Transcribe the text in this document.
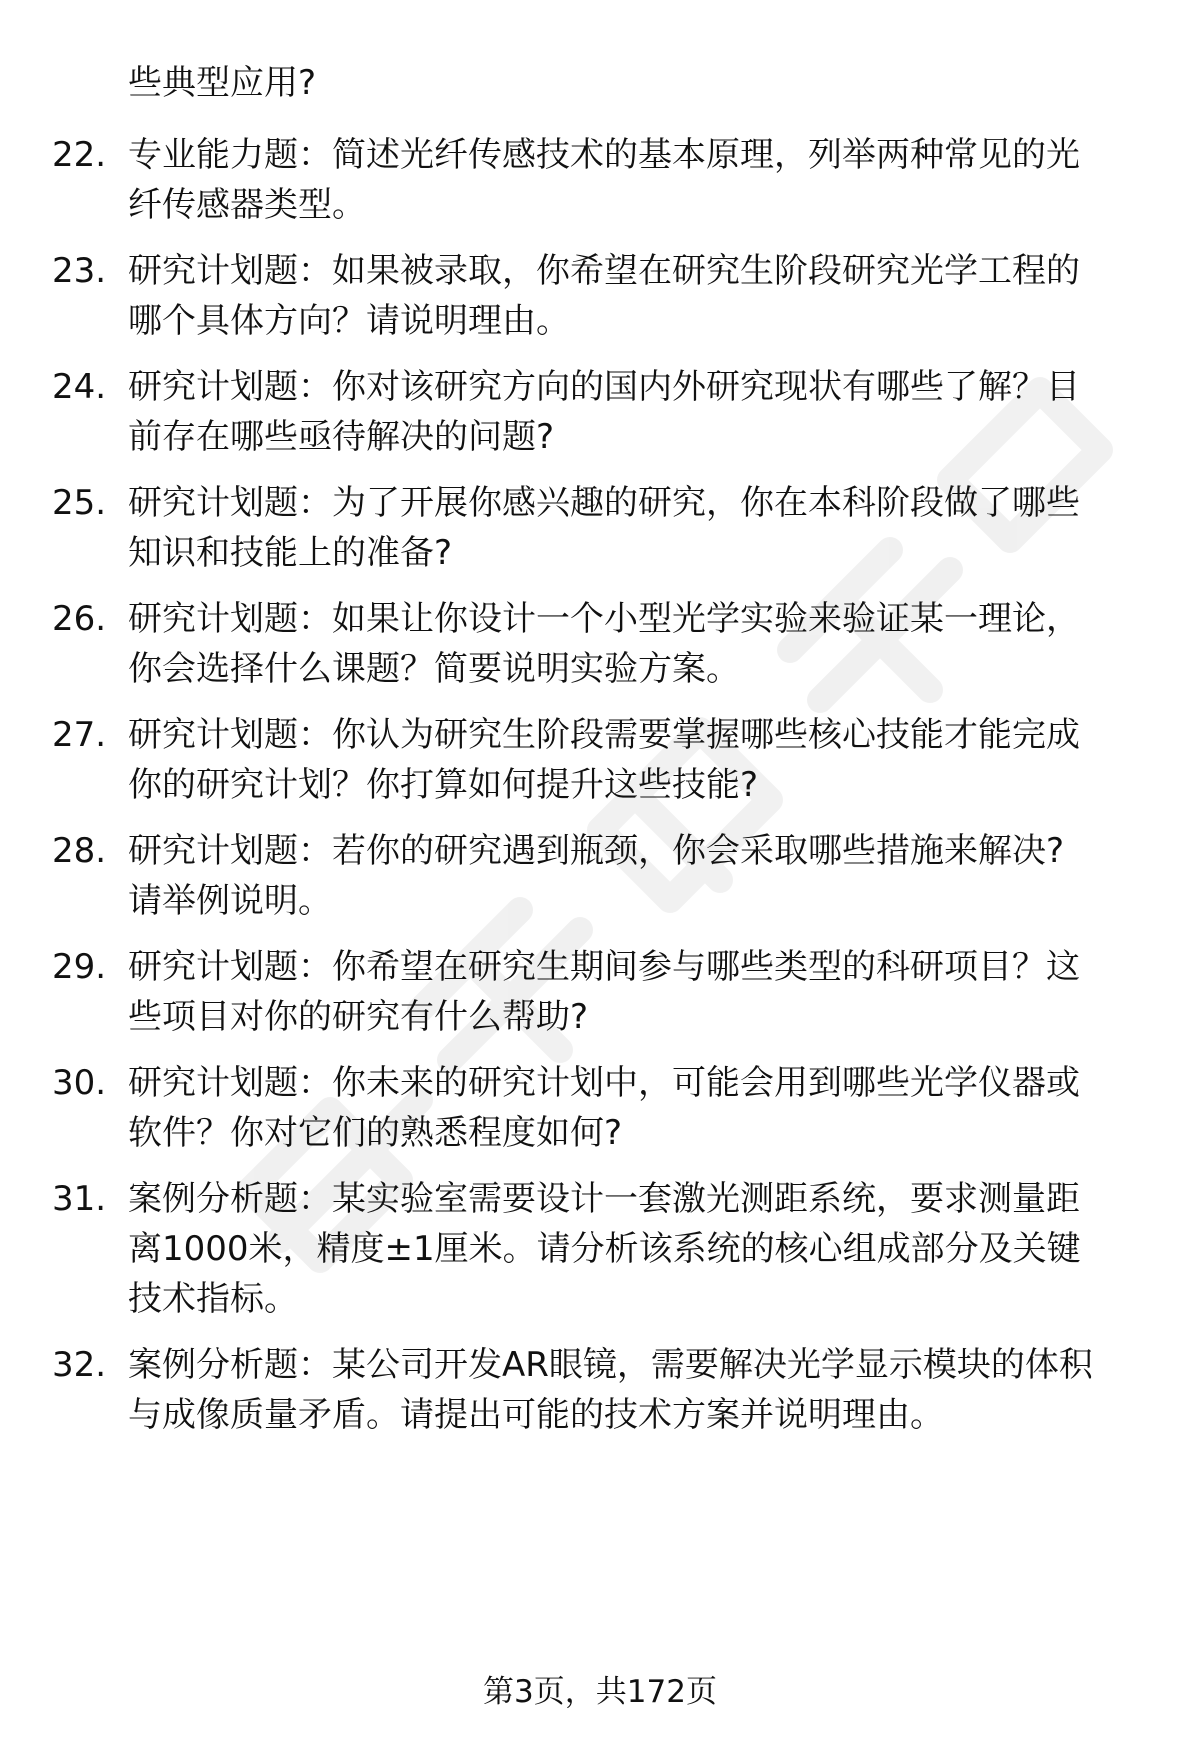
些典型应用?
22. 专业能力题：简述光纤传感技术的基本原理，列举两种常见的光
纤传感器类型。

23. 研究计划题：如果被录取，你希望在研究生阶段研究光学工程的
哪个具体方向？请说明理由。

24. 研究计划题：你对该研究方向的国内外研究现状有哪些了解？目
前存在哪些亟待解决的问题?

25. 研究计划题：为了开展你感兴趣的研究，你在本科阶段做了哪些
知识和技能上的准备?

26. 研究计划题：如果让你设计一个小型光学实验来验证某一理论，
你会选择什么课题？简要说明实验方案。

27. 研究计划题：你认为研究生阶段需要掌握哪些核心技能才能完成
你的研究计划？你打算如何提升这些技能?

28. 研究计划题：若你的研究遇到瓶颈，你会采取哪些措施来解决?
请举例说明。

29. 研究计划题：你希望在研究生期间参与哪些类型的科研项目？这
些项目对你的研究有什么帮助?

30. 研究计划题：你未来的研究计划中，可能会用到哪些光学仪器或
软件？你对它们的熟悉程度如何?

31. 案例分析题：某实验室需要设计一套激光测距系统，要求测量距
离1000米，精度±1厘米。请分析该系统的核心组成部分及关键
技术指标。

32. 案例分析题：某公司开发AR眼镜，需要解决光学显示模块的体积
与成像质量矛盾。请提出可能的技术方案并说明理由。

第3页，共172页
